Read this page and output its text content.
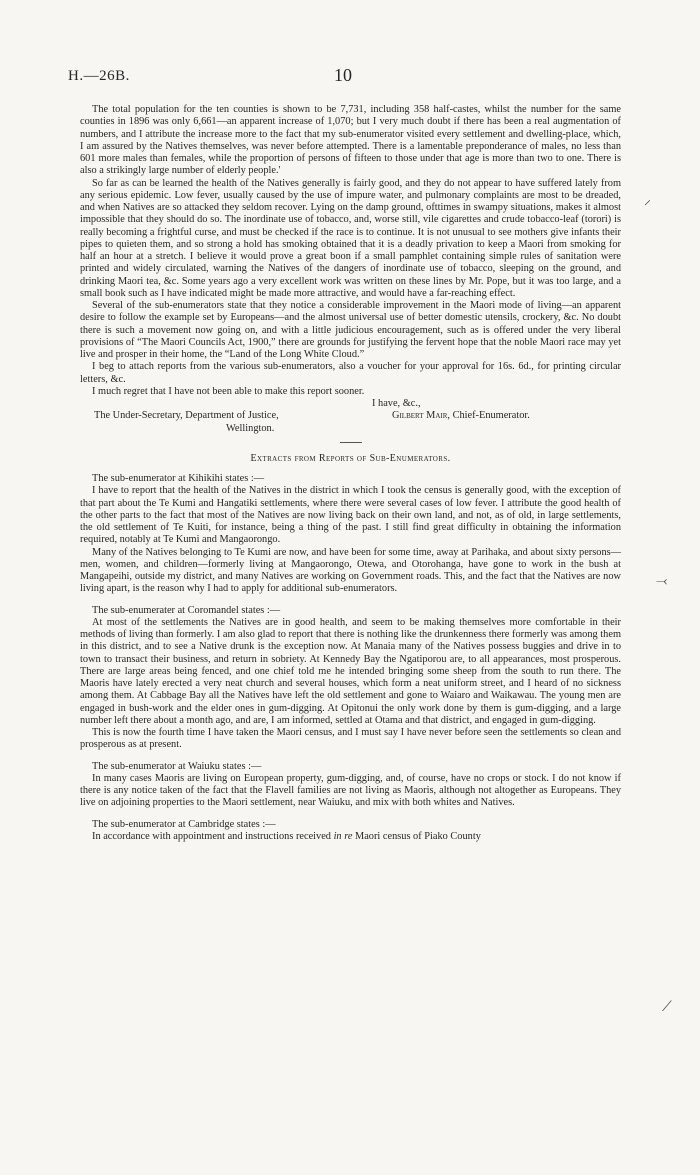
H.—26B.	10
⸍
⤙
⟋

The total population for the ten counties is shown to be 7,731, including 358 half-castes, whilst the number for the same counties in 1896 was only 6,661—an apparent increase of 1,070; but I very much doubt if there has been a real augmentation of numbers, and I attribute the increase more to the fact that my sub-enumerator visited every settlement and dwelling-place, which, I am assured by the Natives themselves, was never before attempted. There is a lamentable preponderance of males, no less than 601 more males than females, while the proportion of persons of fifteen to those under that age is more than two to one. There is also a strikingly large number of elderly people.'

So far as can be learned the health of the Natives generally is fairly good, and they do not appear to have suffered lately from any serious epidemic. Low fever, usually caused by the use of impure water, and pulmonary complaints are most to be dreaded, and when Natives are so attacked they seldom recover. Lying on the damp ground, ofttimes in swampy situations, makes it almost impossible that they should do so. The inordinate use of tobacco, and, worse still, vile cigarettes and crude tobacco-leaf (torori) is really becoming a frightful curse, and must be checked if the race is to continue. It is not unusual to see mothers give infants their pipes to quieten them, and so strong a hold has smoking obtained that it is a deadly privation to keep a Maori from smoking for half an hour at a stretch. I believe it would prove a great boon if a small pamphlet containing simple rules of sanitation were printed and widely circulated, warning the Natives of the dangers of inordinate use of tobacco, sleeping on the ground, and drinking Maori tea, &c. Some years ago a very excellent work was written on these lines by Mr. Pope, but it was too large, and a small book such as I have indicated might be made more attractive, and would have a far-reaching effect.

Several of the sub-enumerators state that they notice a considerable improvement in the Maori mode of living—an apparent desire to follow the example set by Europeans—and the almost universal use of better domestic utensils, crockery, &c. No doubt there is such a movement now going on, and with a little judicious encouragement, such as is offered under the very liberal provisions of “The Maori Councils Act, 1900,” there are grounds for justifying the fervent hope that the noble Maori race may yet live and prosper in their home, the “Land of the Long White Cloud.”

I beg to attach reports from the various sub-enumerators, also a voucher for your approval for 16s. 6d., for printing circular letters, &c.

I much regret that I have not been able to make this report sooner.

I have, &c.,
The Under-Secretary, Department of Justice,	Gilbert Mair, Chief-Enumerator.
Wellington.
Extracts from Reports of Sub-Enumerators.

The sub-enumerator at Kihikihi states :—

I have to report that the health of the Natives in the district in which I took the census is generally good, with the exception of that part about the Te Kumi and Hangatiki settlements, where there were several cases of low fever. I attribute the good health of the other parts to the fact that most of the Natives are now living back on their own land, and not, as of old, in large settlements, the old settlement of Te Kuiti, for instance, being a thing of the past. I still find great difficulty in obtaining the information required, notably at Te Kumi and Mangaorongo.

Many of the Natives belonging to Te Kumi are now, and have been for some time, away at Parihaka, and about sixty persons—men, women, and children—formerly living at Mangaorongo, Otewa, and Otorohanga, have gone to work in the bush at Mangapeihi, outside my district, and many Natives are working on Government roads. This, and the fact that the Natives are now living apart, is the reason why I had to apply for additional sub-enumerators.

The sub-enumerater at Coromandel states :—

At most of the settlements the Natives are in good health, and seem to be making themselves more comfortable in their methods of living than formerly. I am also glad to report that there is nothing like the drunkenness there formerly was among them in this district, and to see a Native drunk is the exception now. At Manaia many of the Natives possess buggies and drive in to town to transact their business, and return in sobriety. At Kennedy Bay the Ngatiporou are, to all appearances, most prosperous. There are large areas being fenced, and one chief told me he intended bringing some sheep from the south to run there. The Maoris have lately erected a very neat church and several houses, which form a neat uniform street, and I heard of no sickness among them. At Cabbage Bay all the Natives have left the old settlement and gone to Waiaro and Waikawau. The young men are engaged in bush-work and the elder ones in gum-digging. At Opitonui the only work done by them is gum-digging, and a large number left there about a month ago, and are, I am informed, settled at Otama and that district, and engaged in gum-digging.

This is now the fourth time I have taken the Maori census, and I must say I have never before seen the settlements so clean and prosperous as at present.

The sub-enumerator at Waiuku states :—

In many cases Maoris are living on European property, gum-digging, and, of course, have no crops or stock. I do not know if there is any notice taken of the fact that the Flavell families are not living as Maoris, although not altogether as Europeans. They live on adjoining properties to the Maori settlement, near Waiuku, and mix with both whites and Natives.

The sub-enumerator at Cambridge states :—

In accordance with appointment and instructions received in re Maori census of Piako County
